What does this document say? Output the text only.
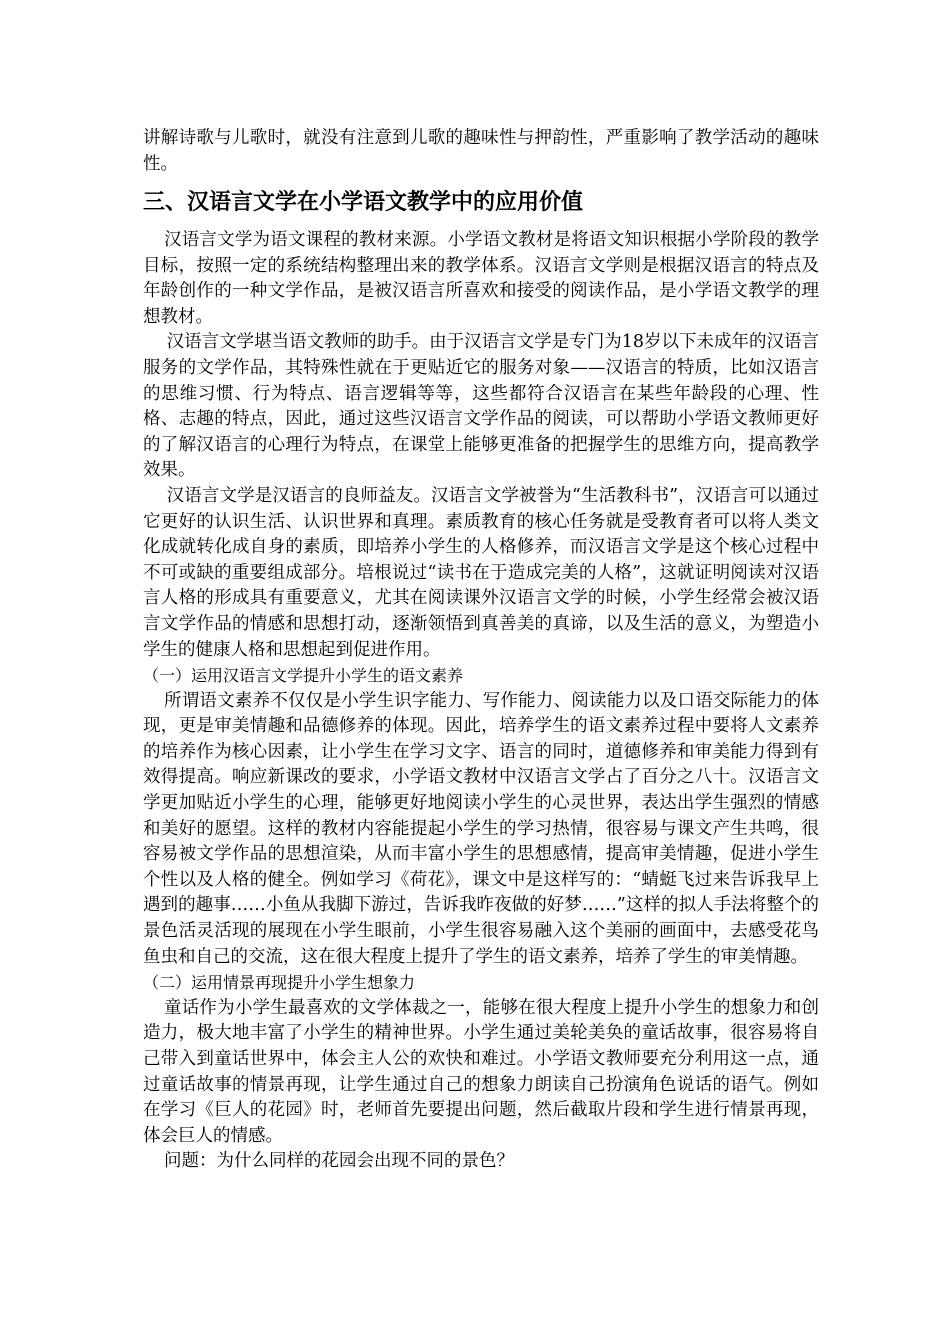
讲解诗歌与儿歌时，就没有注意到儿歌的趣味性与押韵性，严重影响了教学活动的趣味性。

三、汉语言文学在小学语文教学中的应用价值

汉语言文学为语文课程的教材来源。小学语文教材是将语文知识根据小学阶段的教学目标，按照一定的系统结构整理出来的教学体系。汉语言文学则是根据汉语言的特点及年龄创作的一种文学作品，是被汉语言所喜欢和接受的阅读作品，是小学语文教学的理想教材。

汉语言文学堪当语文教师的助手。由于汉语言文学是专门为18岁以下未成年的汉语言服务的文学作品，其特殊性就在于更贴近它的服务对象——汉语言的特质，比如汉语言的思维习惯、行为特点、语言逻辑等等，这些都符合汉语言在某些年龄段的心理、性格、志趣的特点，因此，通过这些汉语言文学作品的阅读，可以帮助小学语文教师更好的了解汉语言的心理行为特点，在课堂上能够更准备的把握学生的思维方向，提高教学效果。

汉语言文学是汉语言的良师益友。汉语言文学被誉为“生活教科书”，汉语言可以通过它更好的认识生活、认识世界和真理。素质教育的核心任务就是受教育者可以将人类文化成就转化成自身的素质，即培养小学生的人格修养，而汉语言文学是这个核心过程中不可或缺的重要组成部分。培根说过“读书在于造成完美的人格”，这就证明阅读对汉语言人格的形成具有重要意义，尤其在阅读课外汉语言文学的时候，小学生经常会被汉语言文学作品的情感和思想打动，逐渐领悟到真善美的真谛，以及生活的意义，为塑造小学生的健康人格和思想起到促进作用。

（一）运用汉语言文学提升小学生的语文素养

所谓语文素养不仅仅是小学生识字能力、写作能力、阅读能力以及口语交际能力的体现，更是审美情趣和品德修养的体现。因此，培养学生的语文素养过程中要将人文素养的培养作为核心因素，让小学生在学习文字、语言的同时，道德修养和审美能力得到有效得提高。响应新课改的要求，小学语文教材中汉语言文学占了百分之八十。汉语言文学更加贴近小学生的心理，能够更好地阅读小学生的心灵世界，表达出学生强烈的情感和美好的愿望。这样的教材内容能提起小学生的学习热情，很容易与课文产生共鸣，很容易被文学作品的思想渲染，从而丰富小学生的思想感情，提高审美情趣，促进小学生个性以及人格的健全。例如学习《荷花》，课文中是这样写的：“蜻蜓飞过来告诉我早上遇到的趣事……小鱼从我脚下游过，告诉我昨夜做的好梦……”这样的拟人手法将整个的景色活灵活现的展现在小学生眼前，小学生很容易融入这个美丽的画面中，去感受花鸟鱼虫和自己的交流，这在很大程度上提升了学生的语文素养，培养了学生的审美情趣。

（二）运用情景再现提升小学生想象力

童话作为小学生最喜欢的文学体裁之一，能够在很大程度上提升小学生的想象力和创造力，极大地丰富了小学生的精神世界。小学生通过美轮美奂的童话故事，很容易将自己带入到童话世界中，体会主人公的欢快和难过。小学语文教师要充分利用这一点，通过童话故事的情景再现，让学生通过自己的想象力朗读自己扮演角色说话的语气。例如在学习《巨人的花园》时，老师首先要提出问题，然后截取片段和学生进行情景再现，体会巨人的情感。

问题：为什么同样的花园会出现不同的景色？
